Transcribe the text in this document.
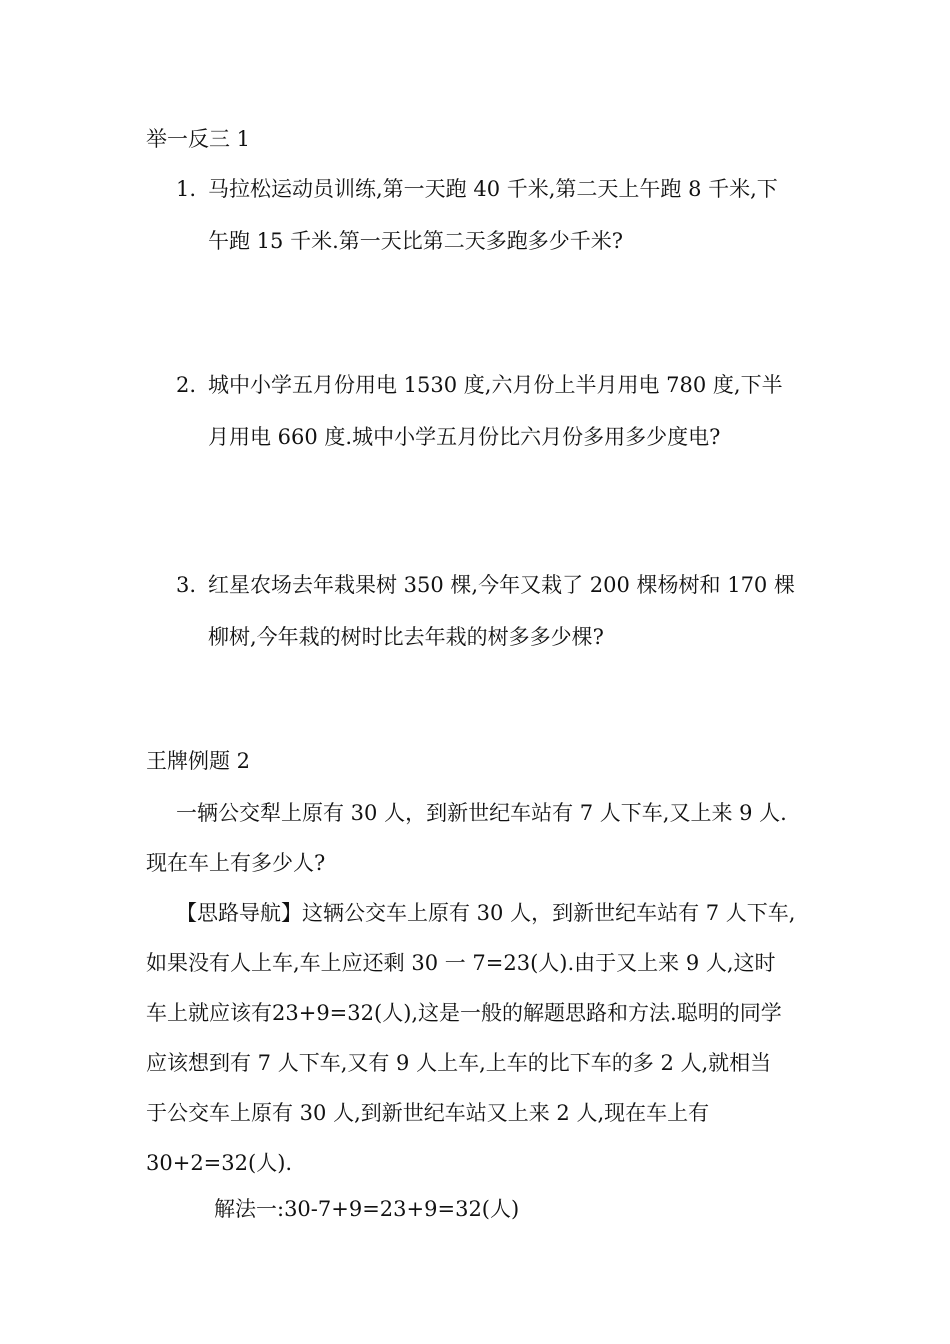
举一反三 1
1. 马拉松运动员训练,第一天跑 40 千米,第二天上午跑 8 千米,下
午跑 15 千米.第一天比第二天多跑多少千米?
2. 城中小学五月份用电 1530 度,六月份上半月用电 780 度,下半
月用电 660 度.城中小学五月份比六月份多用多少度电?
3. 红星农场去年栽果树 350 棵,今年又栽了 200 棵杨树和 170 棵
柳树,今年栽的树时比去年栽的树多多少棵?
王牌例题 2
一辆公交犁上原有 30 人，到新世纪车站有 7 人下车,又上来 9 人.
现在车上有多少人?
【思路导航】这辆公交车上原有 30 人，到新世纪车站有 7 人下车,
如果没有人上车,车上应还剩 30 一 7=23(人).由于又上来 9 人,这时
车上就应该有23+9=32(人),这是一般的解题思路和方法.聪明的同学
应该想到有 7 人下车,又有 9 人上车,上车的比下车的多 2 人,就相当
于公交车上原有 30 人,到新世纪车站又上来 2 人,现在车上有
30+2=32(人).
解法一:30-7+9=23+9=32(人)
